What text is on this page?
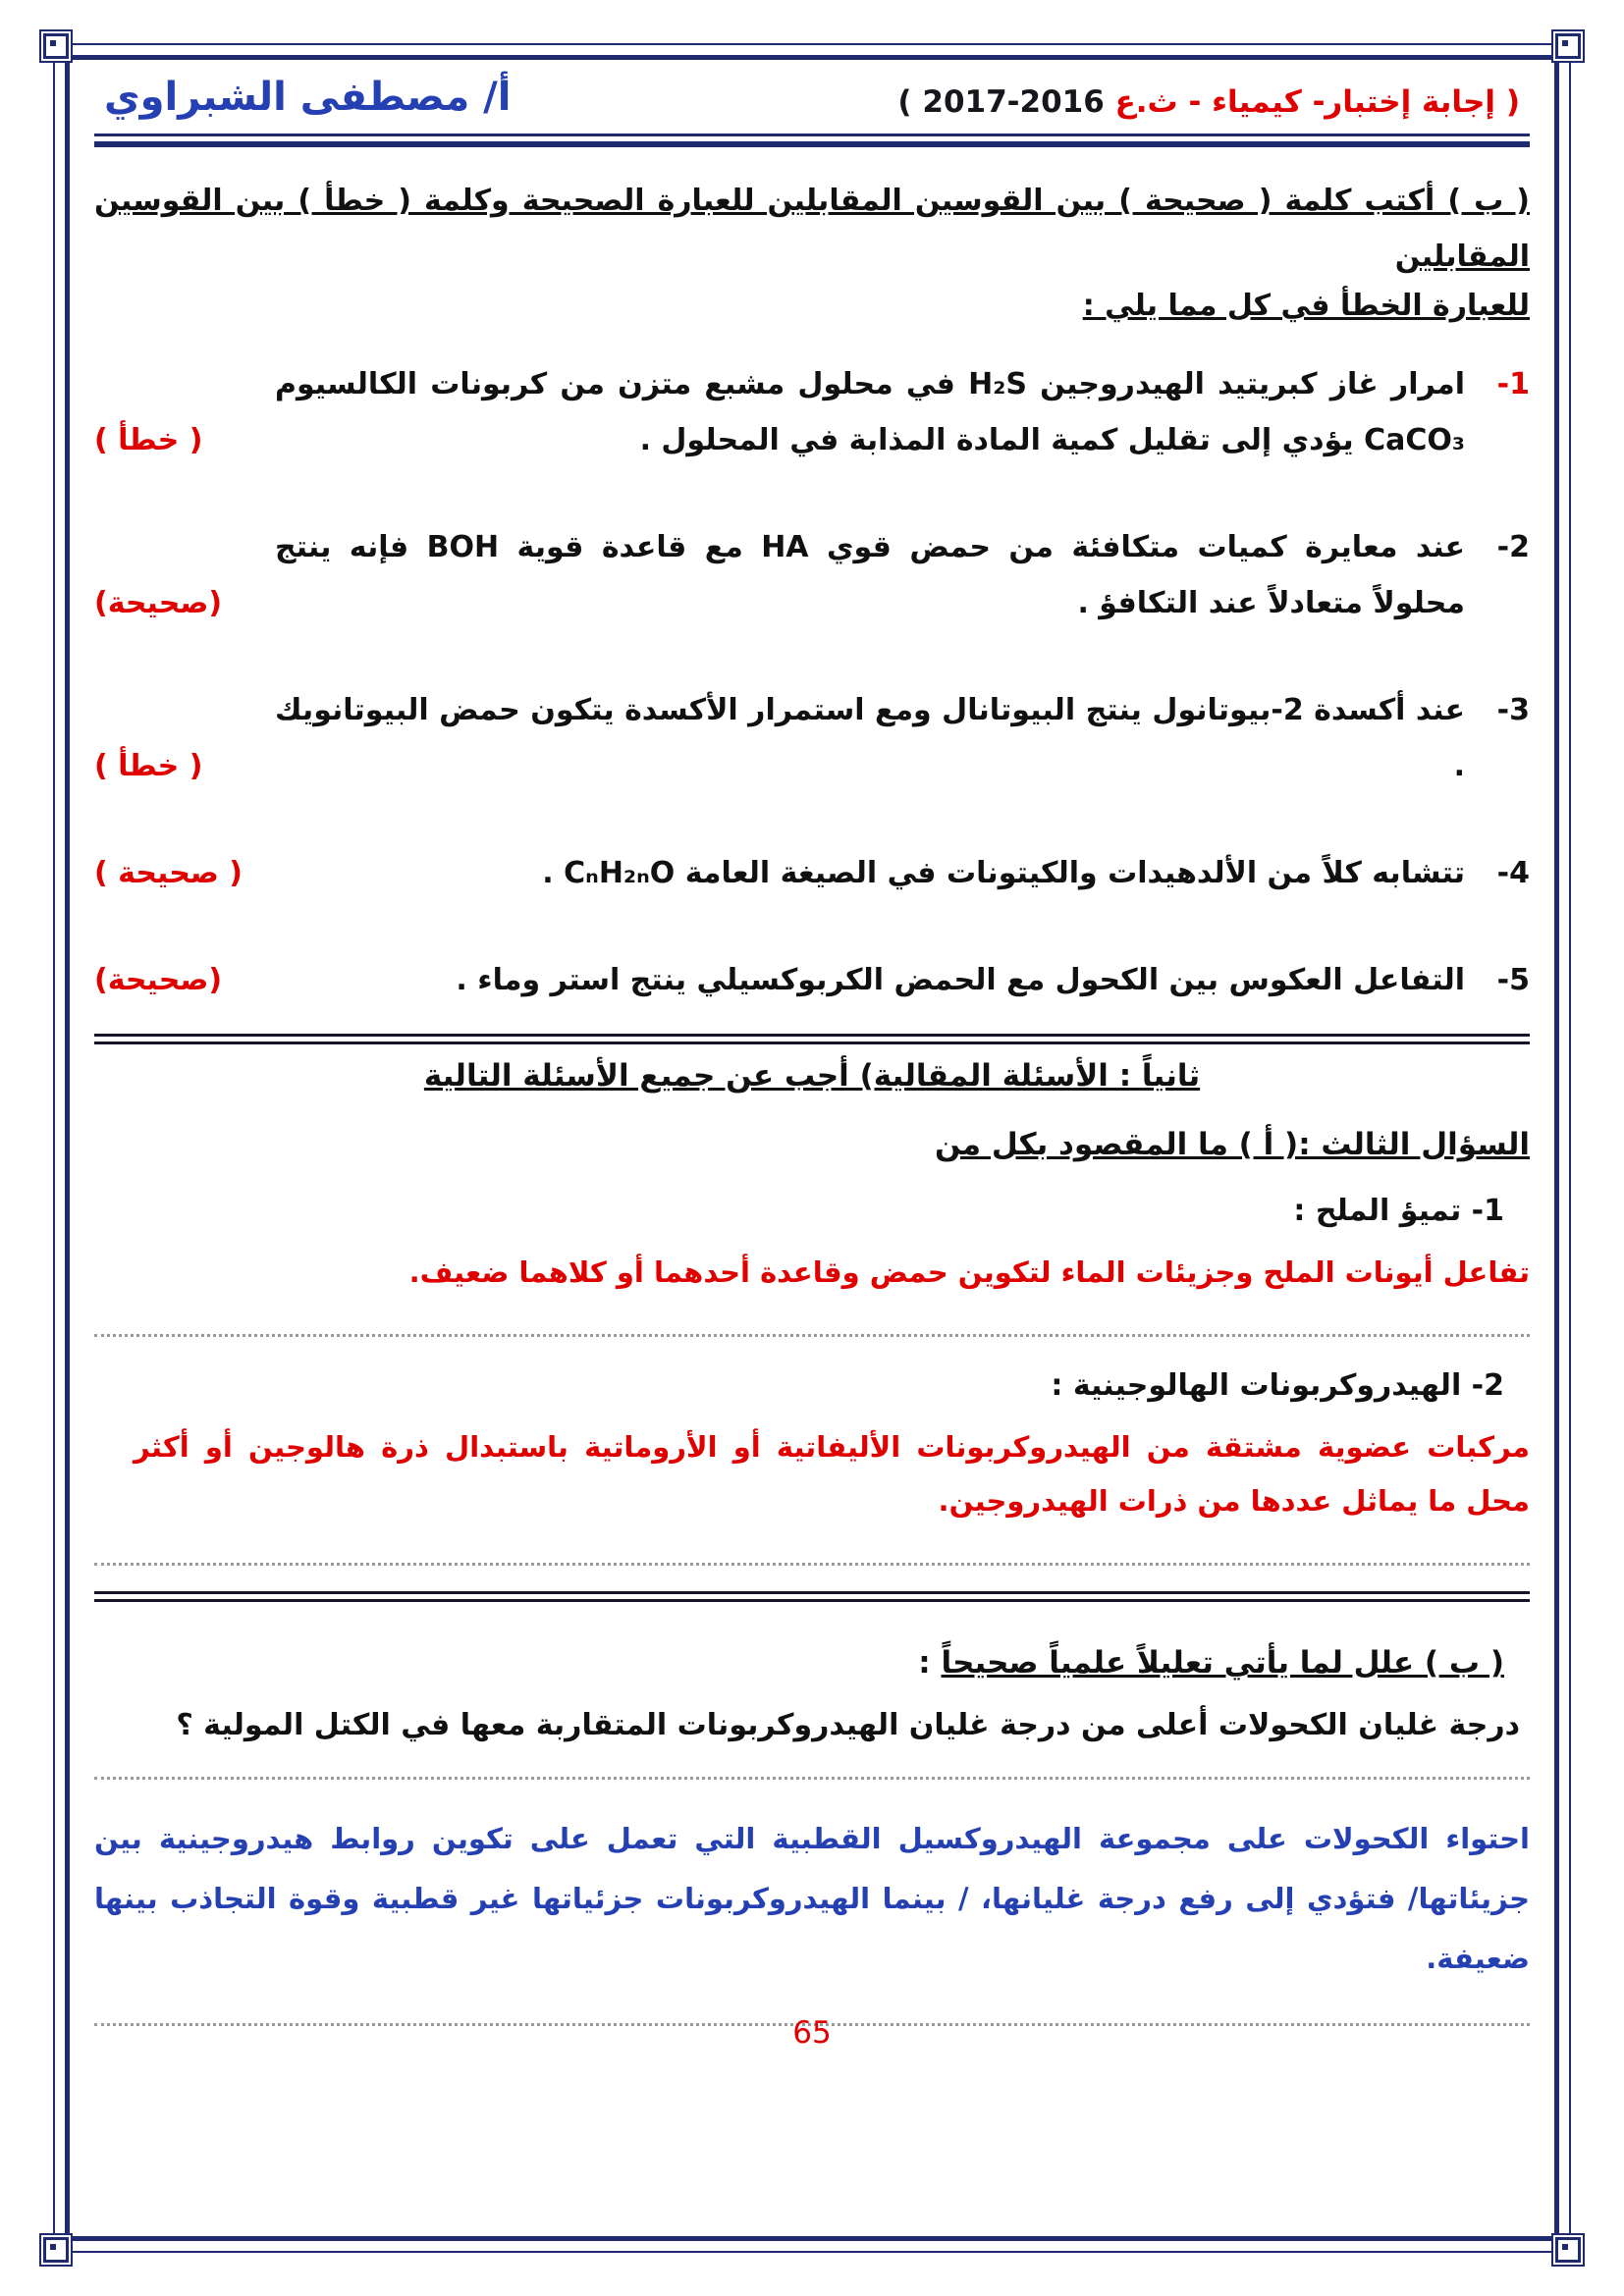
( إجابة إختبار- كيمياء - ث.ع 2016-2017 )
أ/ مصطفى الشبراوي
( ب ) أكتب كلمة ( صحيحة ) بين القوسين المقابلين للعبارة الصحيحة وكلمة ( خطأ ) بين القوسين المقابلين
للعبارة الخطأ في كل مما يلي :
1-
امرار غاز كبريتيد الهيدروجين H₂S في محلول مشبع متزن من كربونات الكالسيوم CaCO₃ يؤدي إلى تقليل كمية المادة المذابة في المحلول .
( خطأ )
2-
عند معايرة كميات متكافئة من حمض قوي HA مع قاعدة قوية BOH فإنه ينتج محلولاً متعادلاً عند التكافؤ .
(صحيحة)
3-
عند أكسدة 2-بيوتانول ينتج البيوتانال ومع استمرار الأكسدة يتكون حمض البيوتانويك .
( خطأ )
4-
تتشابه كلاً من الألدهيدات والكيتونات في الصيغة العامة CₙH₂ₙO .
( صحيحة )
5-
التفاعل العكوس بين الكحول مع الحمض الكربوكسيلي ينتج استر وماء .
(صحيحة)
ثانياً : الأسئلة المقالية) أجب عن جميع الأسئلة التالية
السؤال الثالث :( أ ) ما المقصود بكل من
1- تميؤ الملح :
تفاعل أيونات الملح وجزيئات الماء لتكوين حمض وقاعدة أحدهما أو كلاهما ضعيف.
2- الهيدروكربونات الهالوجينية :
مركبات عضوية مشتقة من الهيدروكربونات الأليفاتية أو الأروماتية باستبدال ذرة هالوجين أو أكثر محل ما يماثل عددها من ذرات الهيدروجين.
( ب ) علل لما يأتي تعليلاً علمياً صحيحاً :
درجة غليان الكحولات أعلى من درجة غليان الهيدروكربونات المتقاربة معها في الكتل المولية ؟
احتواء الكحولات على مجموعة الهيدروكسيل القطبية التي تعمل على تكوين روابط هيدروجينية بين جزيئاتها/ فتؤدي إلى رفع درجة غليانها، / بينما الهيدروكربونات جزئياتها غير قطبية وقوة التجاذب بينها ضعيفة.
65
